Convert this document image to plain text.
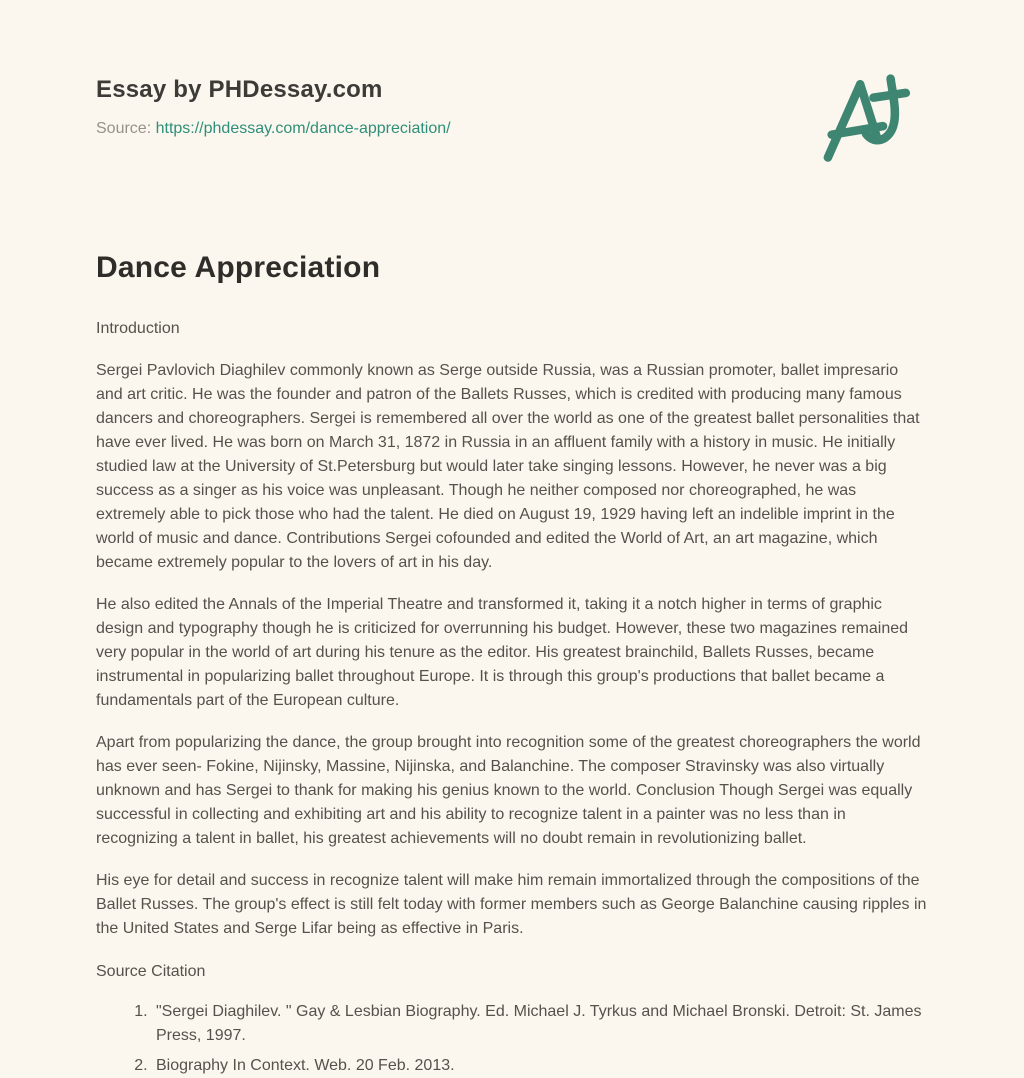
Essay by PHDessay.com
Source: https://phdessay.com/dance-appreciation/
Dance Appreciation

Introduction

Sergei Pavlovich Diaghilev commonly known as Serge outside Russia, was a Russian promoter, ballet impresario and art critic. He was the founder and patron of the Ballets Russes, which is credited with producing many famous dancers and choreographers. Sergei is remembered all over the world as one of the greatest ballet personalities that have ever lived. He was born on March 31, 1872 in Russia in an affluent family with a history in music. He initially studied law at the University of St.Petersburg but would later take singing lessons. However, he never was a big success as a singer as his voice was unpleasant. Though he neither composed nor choreographed, he was extremely able to pick those who had the talent. He died on August 19, 1929 having left an indelible imprint in the world of music and dance. Contributions Sergei cofounded and edited the World of Art, an art magazine, which became extremely popular to the lovers of art in his day.

He also edited the Annals of the Imperial Theatre and transformed it, taking it a notch higher in terms of graphic design and typography though he is criticized for overrunning his budget. However, these two magazines remained very popular in the world of art during his tenure as the editor. His greatest brainchild, Ballets Russes, became instrumental in popularizing ballet throughout Europe. It is through this group's productions that ballet became a fundamentals part of the European culture.

Apart from popularizing the dance, the group brought into recognition some of the greatest choreographers the world has ever seen- Fokine, Nijinsky, Massine, Nijinska, and Balanchine. The composer Stravinsky was also virtually unknown and has Sergei to thank for making his genius known to the world. Conclusion Though Sergei was equally successful in collecting and exhibiting art and his ability to recognize talent in a painter was no less than in recognizing a talent in ballet, his greatest achievements will no doubt remain in revolutionizing ballet.

His eye for detail and success in recognize talent will make him remain immortalized through the compositions of the Ballet Russes. The group's effect is still felt today with former members such as George Balanchine causing ripples in the United States and Serge Lifar being as effective in Paris.

Source Citation

1. "Sergei Diaghilev. " Gay & Lesbian Biography. Ed. Michael J. Tyrkus and Michael Bronski. Detroit: St. James Press, 1997.
2. Biography In Context. Web. 20 Feb. 2013.
